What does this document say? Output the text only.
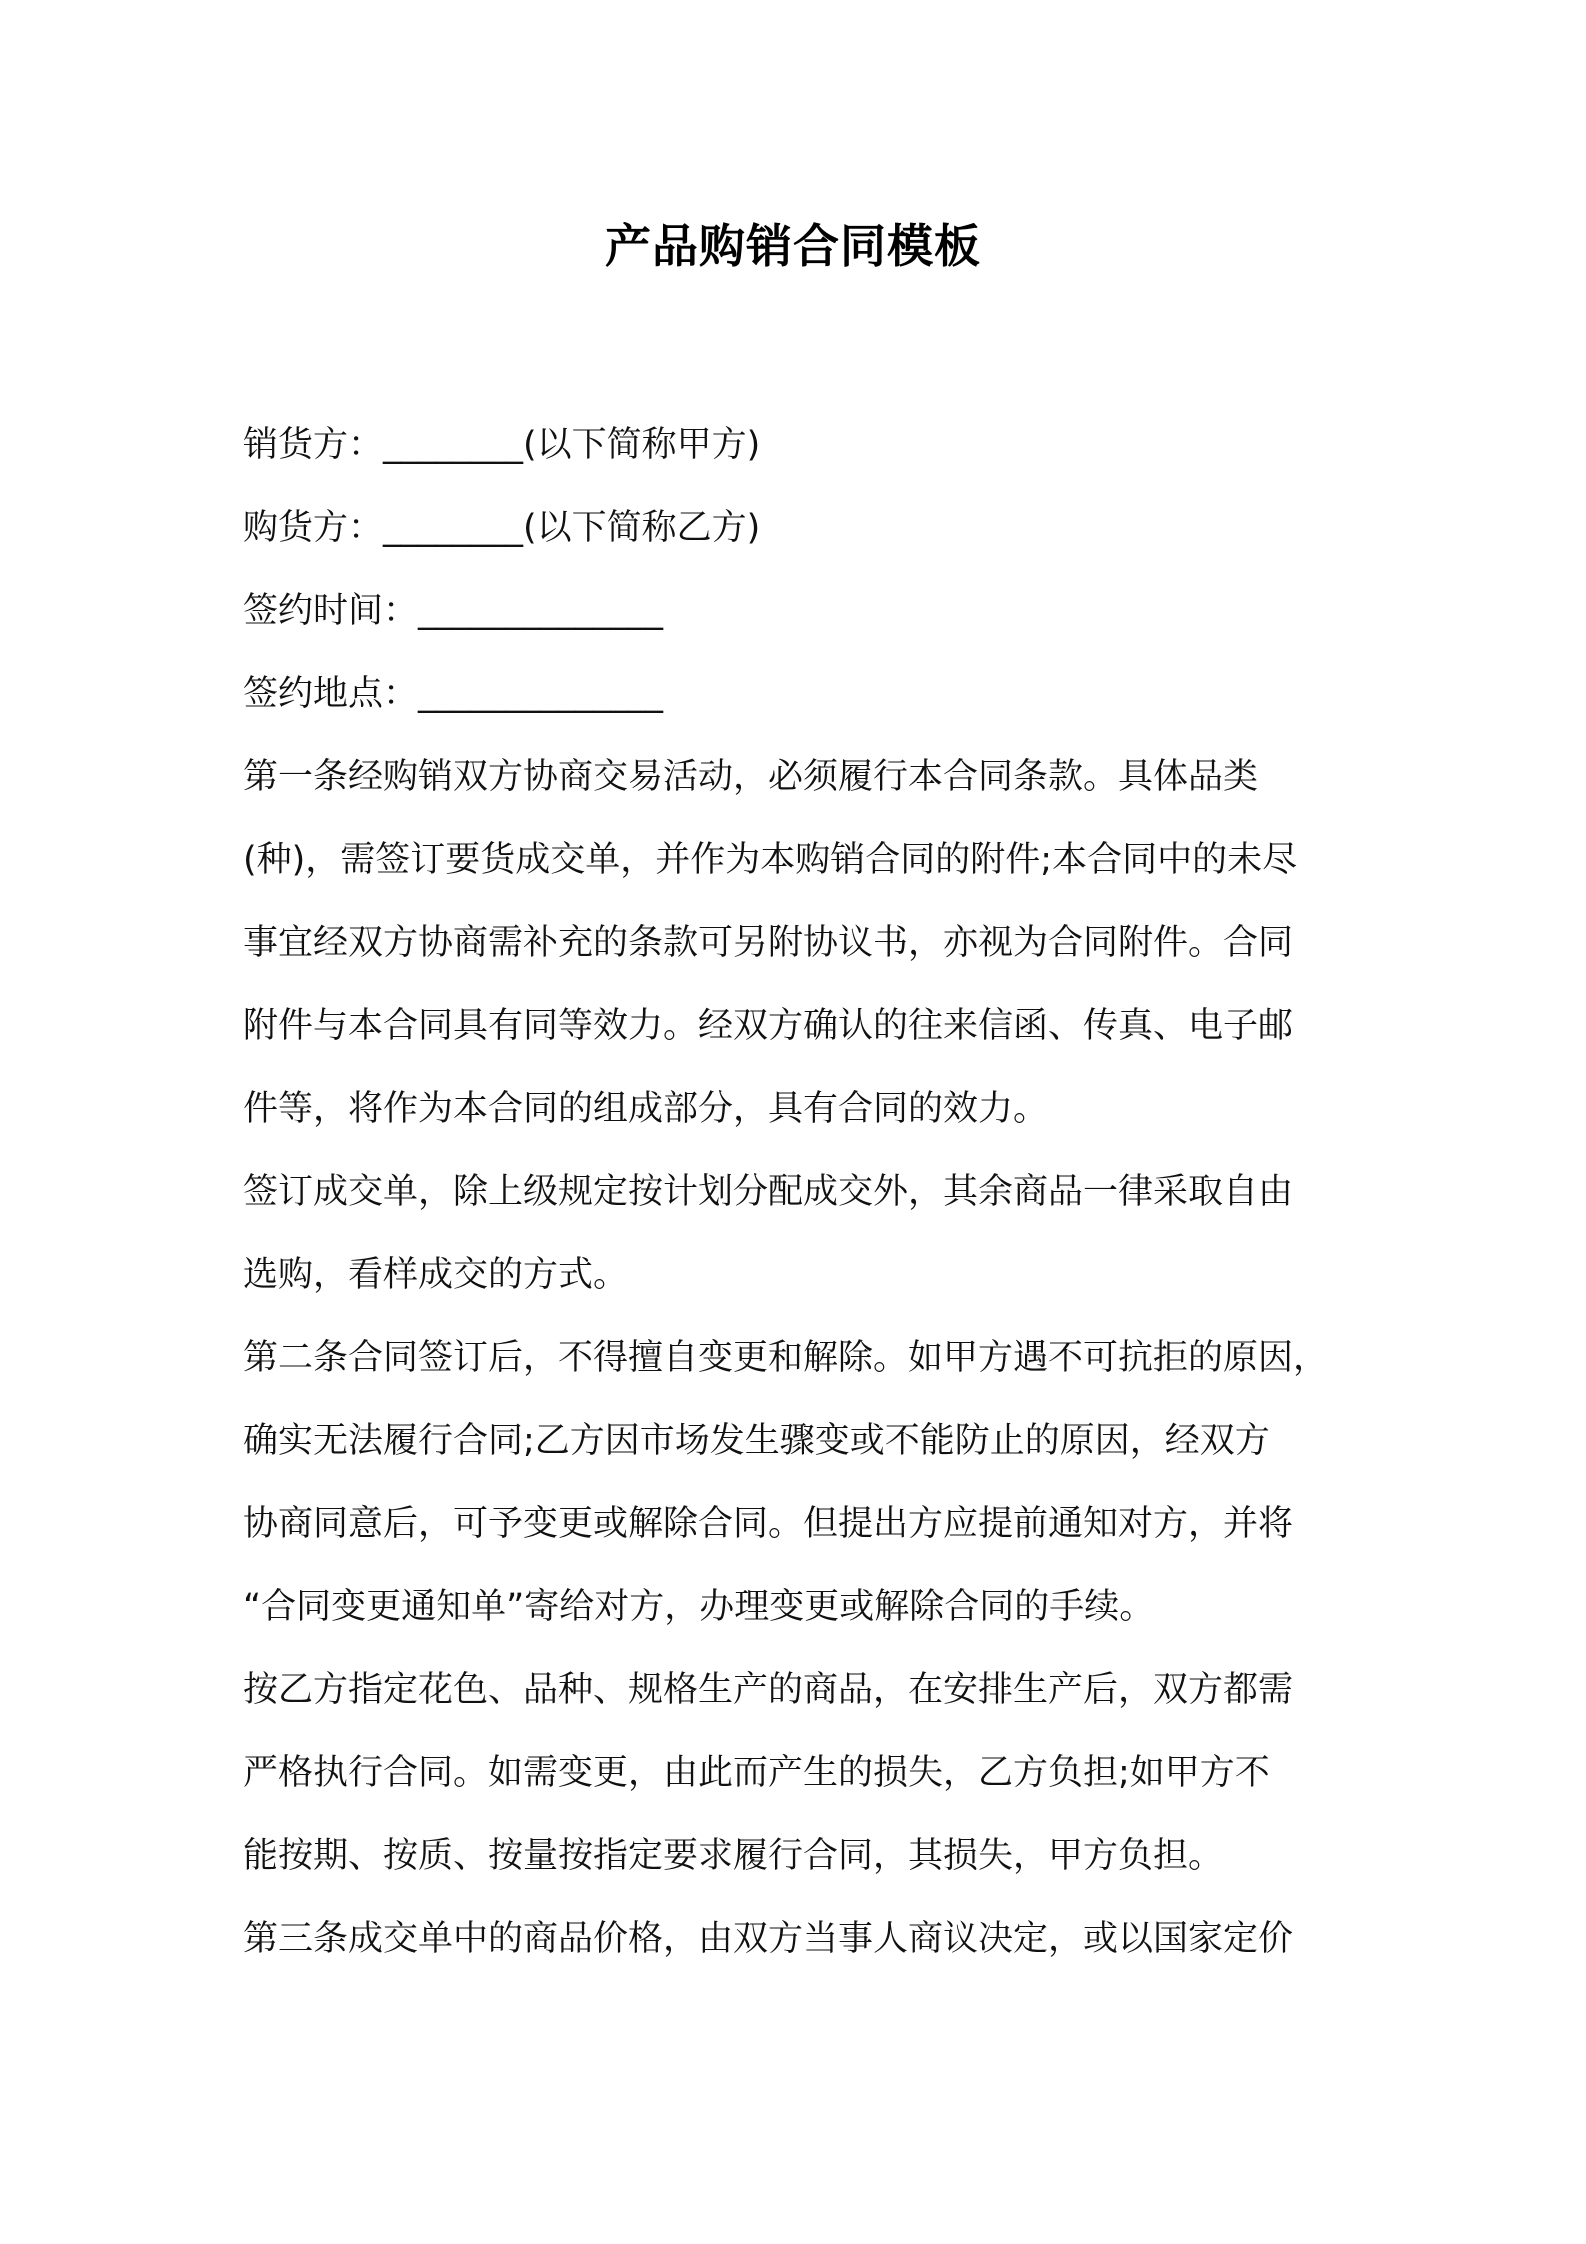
产品购销合同模板

销货方：________(以下简称甲方)

购货方：________(以下简称乙方)

签约时间：______________

签约地点：______________

第一条经购销双方协商交易活动，必须履行本合同条款。具体品类

(种)，需签订要货成交单，并作为本购销合同的附件;本合同中的未尽

事宜经双方协商需补充的条款可另附协议书，亦视为合同附件。合同

附件与本合同具有同等效力。经双方确认的往来信函、传真、电子邮

件等，将作为本合同的组成部分，具有合同的效力。

签订成交单，除上级规定按计划分配成交外，其余商品一律采取自由

选购，看样成交的方式。

第二条合同签订后，不得擅自变更和解除。如甲方遇不可抗拒的原因，

确实无法履行合同;乙方因市场发生骤变或不能防止的原因，经双方

协商同意后，可予变更或解除合同。但提出方应提前通知对方，并将

“合同变更通知单”寄给对方，办理变更或解除合同的手续。

按乙方指定花色、品种、规格生产的商品，在安排生产后，双方都需

严格执行合同。如需变更，由此而产生的损失，乙方负担;如甲方不

能按期、按质、按量按指定要求履行合同，其损失，甲方负担。

第三条成交单中的商品价格，由双方当事人商议决定，或以国家定价
